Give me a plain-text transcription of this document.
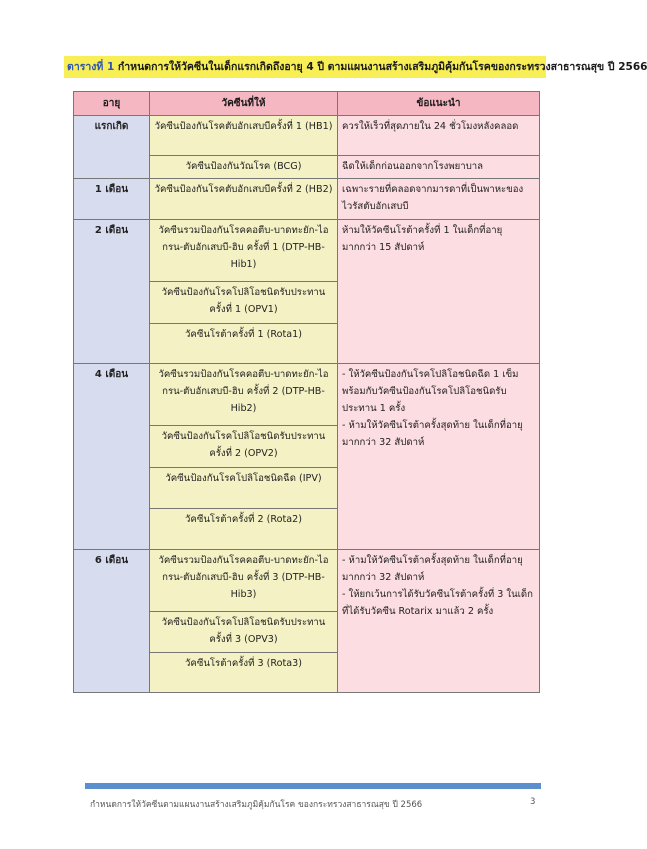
ตารางที่ 1 กำหนดการให้วัคซีนในเด็กแรกเกิดถึงอายุ 4 ปี ตามแผนงานสร้างเสริมภูมิคุ้มกันโรคของกระทรวงสาธารณสุข ปี 2566
อายุ	วัคซีนที่ให้	ข้อแนะนำ
แรกเกิด	วัคซีนป้องกันโรคตับอักเสบบีครั้งที่ 1 (HB1)	ควรให้เร็วที่สุดภายใน 24 ชั่วโมงหลังคลอด
	วัคซีนป้องกันวัณโรค (BCG)	ฉีดให้เด็กก่อนออกจากโรงพยาบาล
1 เดือน	วัคซีนป้องกันโรคตับอักเสบบีครั้งที่ 2 (HB2)	เฉพาะรายที่คลอดจากมารดาที่เป็นพาหะของไวรัสตับอักเสบบี
2 เดือน	วัคซีนรวมป้องกันโรคคอตีบ-บาดทะยัก-ไอกรน-ตับอักเสบบี-ฮิบ ครั้งที่ 1 (DTP-HB-Hib1)	ห้ามให้วัคซีนโรต้าครั้งที่ 1 ในเด็กที่อายุมากกว่า 15 สัปดาห์
	วัคซีนป้องกันโรคโปลิโอชนิดรับประทาน ครั้งที่ 1 (OPV1)	
	วัคซีนโรต้าครั้งที่ 1 (Rota1)	
4 เดือน	วัคซีนรวมป้องกันโรคคอตีบ-บาดทะยัก-ไอกรน-ตับอักเสบบี-ฮิบ ครั้งที่ 2 (DTP-HB-Hib2)	- ให้วัคซีนป้องกันโรคโปลิโอชนิดฉีด 1 เข็ม พร้อมกับวัคซีนป้องกันโรคโปลิโอชนิดรับประทาน 1 ครั้ง
- ห้ามให้วัคซีนโรต้าครั้งสุดท้าย ในเด็กที่อายุมากกว่า 32 สัปดาห์
	วัคซีนป้องกันโรคโปลิโอชนิดรับประทาน ครั้งที่ 2 (OPV2)	
	วัคซีนป้องกันโรคโปลิโอชนิดฉีด (IPV)	
	วัคซีนโรต้าครั้งที่ 2 (Rota2)	
6 เดือน	วัคซีนรวมป้องกันโรคคอตีบ-บาดทะยัก-ไอกรน-ตับอักเสบบี-ฮิบ ครั้งที่ 3 (DTP-HB-Hib3)	- ห้ามให้วัคซีนโรต้าครั้งสุดท้าย ในเด็กที่อายุมากกว่า 32 สัปดาห์
- ให้ยกเว้นการได้รับวัคซีนโรต้าครั้งที่ 3 ในเด็กที่ได้รับวัคซีน Rotarix มาแล้ว 2 ครั้ง
	วัคซีนป้องกันโรคโปลิโอชนิดรับประทาน ครั้งที่ 3 (OPV3)	
	วัคซีนโรต้าครั้งที่ 3 (Rota3)	
กำหนดการให้วัคซีนตามแผนงานสร้างเสริมภูมิคุ้มกันโรค ของกระทรวงสาธารณสุข ปี 2566	3
